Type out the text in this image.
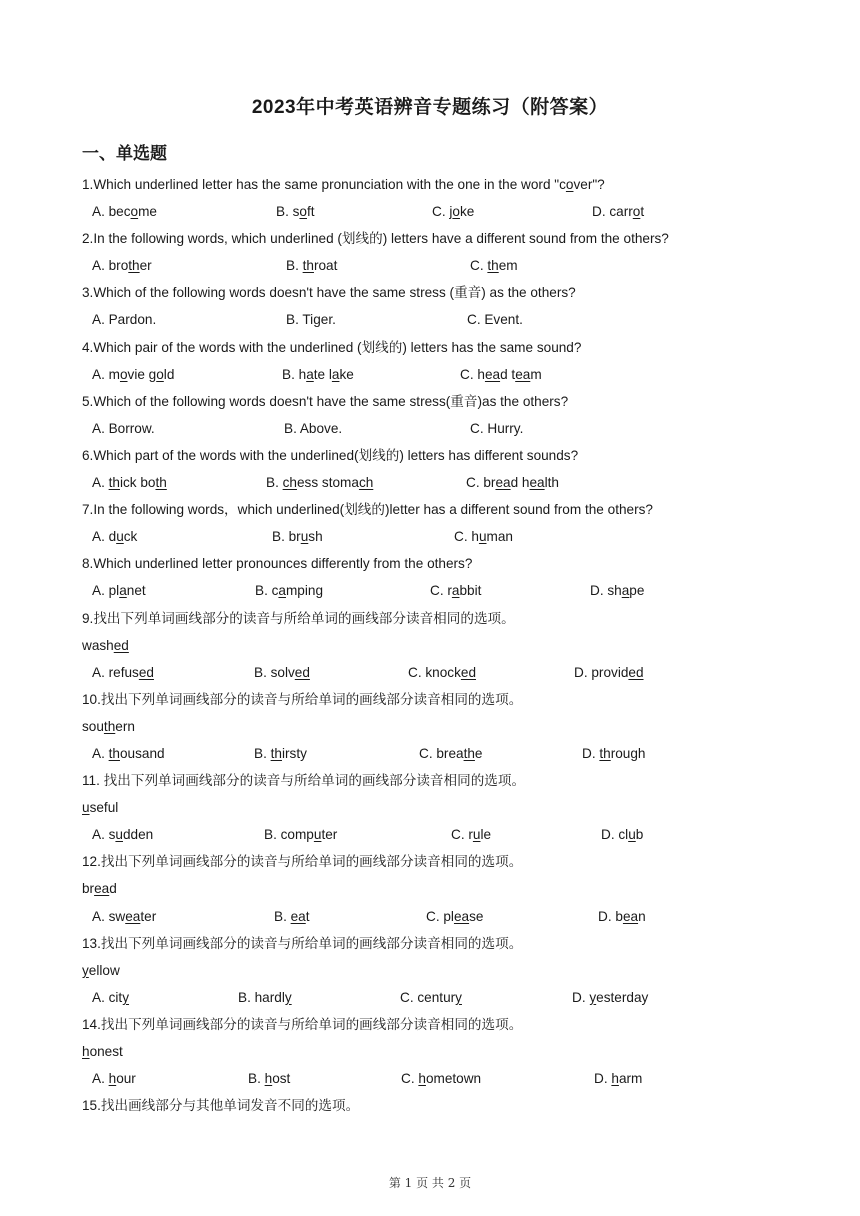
2023年中考英语辨音专题练习（附答案）
一、单选题
1.Which underlined letter has the same pronunciation with the one in the word "cover"?
A. become	B. soft	C. joke	D. carrot
2.In the following words, which underlined (划线的) letters have a different sound from the others?
A. brother	B. throat	C. them
3.Which of the following words doesn't have the same stress (重音) as the others?
A. Pardon.	B. Tiger.	C. Event.
4.Which pair of the words with the underlined (划线的) letters has the same sound?
A. movie gold	B. hate lake	C. head team
5.Which of the following words doesn't have the same stress(重音)as the others?
A. Borrow.	B. Above.	C. Hurry.
6.Which part of the words with the underlined(划线的) letters has different sounds?
A. thick both	B. chess stomach	C. bread health
7.In the following words，which underlined(划线的)letter has a different sound from the others?
A. duck	B. brush	C. human
8.Which underlined letter pronounces differently from the others?
A. planet	B. camping	C. rabbit	D. shape
9.找出下列单词画线部分的读音与所给单词的画线部分读音相同的选项。
washed
A. refused	B. solved	C. knocked	D. provided
10.找出下列单词画线部分的读音与所给单词的画线部分读音相同的选项。
southern
A. thousand	B. thirsty	C. breathe	D. through
11. 找出下列单词画线部分的读音与所给单词的画线部分读音相同的选项。
useful
A. sudden	B. computer	C. rule	D. club
12.找出下列单词画线部分的读音与所给单词的画线部分读音相同的选项。
bread
A. sweater	B. eat	C. please	D. bean
13.找出下列单词画线部分的读音与所给单词的画线部分读音相同的选项。
yellow
A. city	B. hardly	C. century	D. yesterday
14.找出下列单词画线部分的读音与所给单词的画线部分读音相同的选项。
honest
A. hour	B. host	C. hometown	D. harm
15.找出画线部分与其他单词发音不同的选项。
第 1 页 共 2 页
